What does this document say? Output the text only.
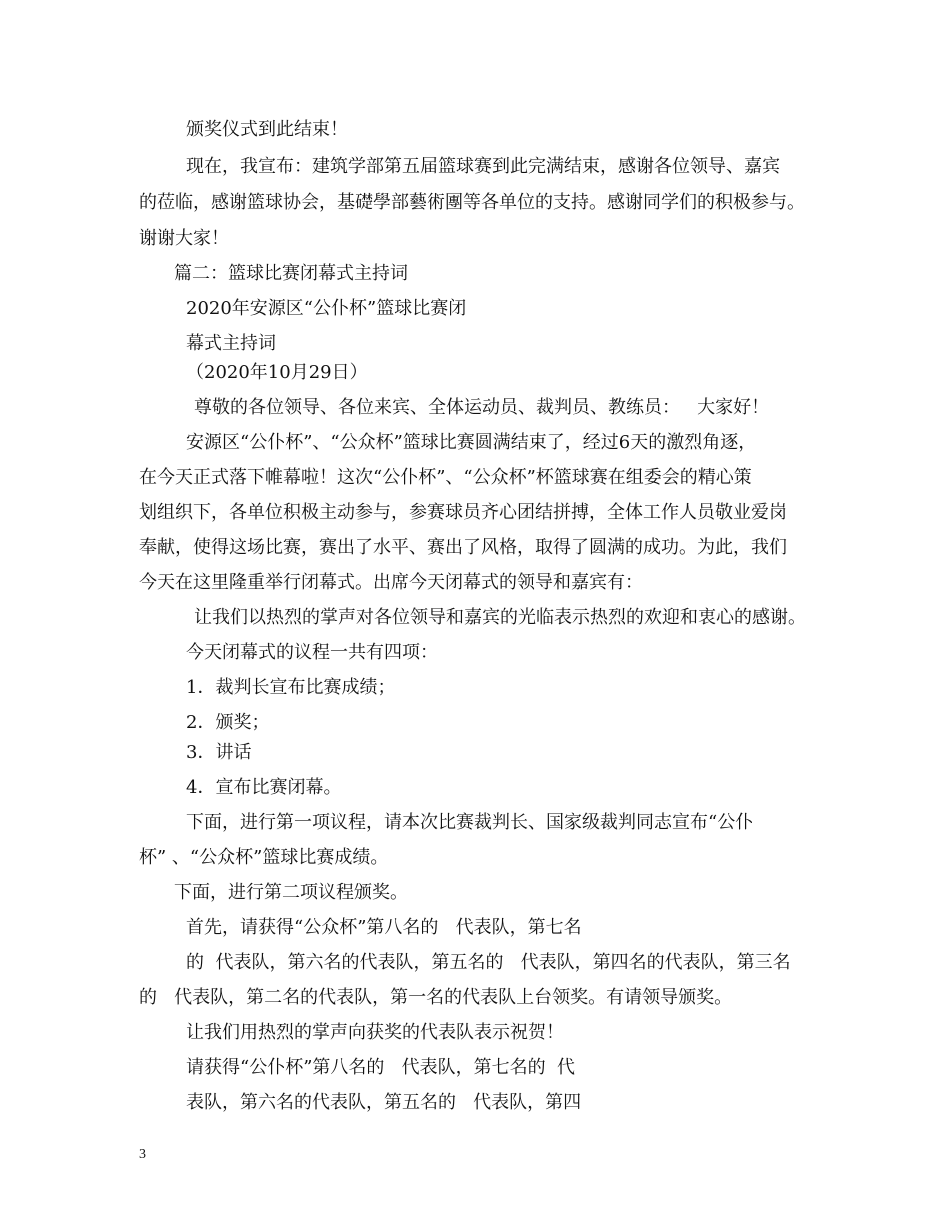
颁奖仪式到此结束！

现在，我宣布：建筑学部第五届篮球赛到此完满结束，感谢各位领导、嘉宾

的莅临，感谢篮球协会，基礎學部藝術團等各单位的支持。感谢同学们的积极参与。

谢谢大家！

篇二：篮球比赛闭幕式主持词

2020年安源区“公仆杯”篮球比赛闭

幕式主持词

（2020年10月29日）

尊敬的各位领导、各位来宾、全体运动员、裁判员、教练员：   大家好！

安源区“公仆杯”、“公众杯”篮球比赛圆满结束了，经过6天的激烈角逐，

在今天正式落下帷幕啦！这次“公仆杯”、“公众杯”杯篮球赛在组委会的精心策

划组织下，各单位积极主动参与，参赛球员齐心团结拼搏，全体工作人员敬业爱岗

奉献，使得这场比赛，赛出了水平、赛出了风格，取得了圆满的成功。为此，我们

今天在这里隆重举行闭幕式。出席今天闭幕式的领导和嘉宾有：

让我们以热烈的掌声对各位领导和嘉宾的光临表示热烈的欢迎和衷心的感谢。

今天闭幕式的议程一共有四项：

1．裁判长宣布比赛成绩；

2．颁奖；

3．讲话

4．宣布比赛闭幕。

下面，进行第一项议程，请本次比赛裁判长、国家级裁判同志宣布“公仆

杯” 、“公众杯”篮球比赛成绩。

下面，进行第二项议程颁奖。

首先，请获得“公众杯”第八名的   代表队，第七名

的  代表队，第六名的代表队，第五名的   代表队，第四名的代表队，第三名

的   代表队，第二名的代表队，第一名的代表队上台领奖。有请领导颁奖。

让我们用热烈的掌声向获奖的代表队表示祝贺！

请获得“公仆杯”第八名的   代表队，第七名的  代

表队，第六名的代表队，第五名的   代表队，第四

3
